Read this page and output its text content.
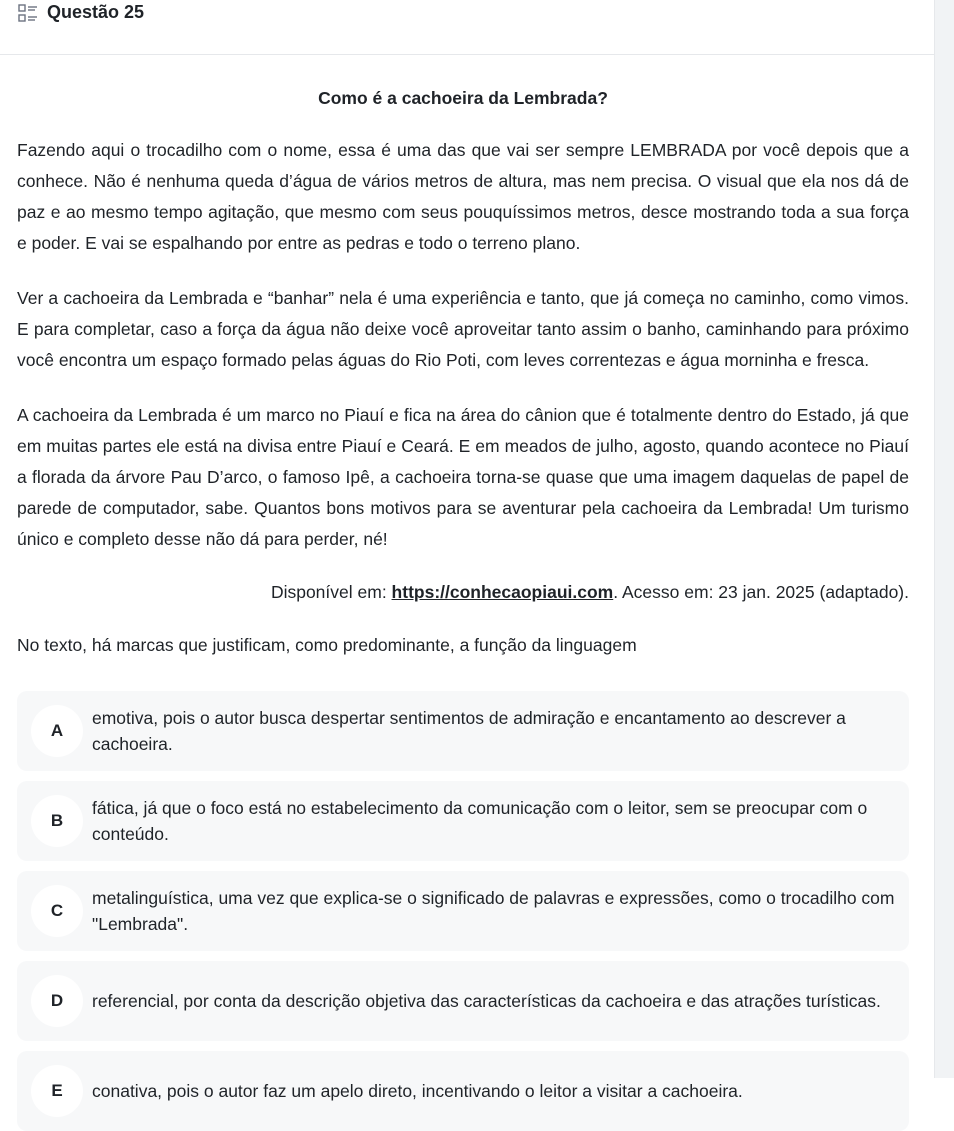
Questão 25
Como é a cachoeira da Lembrada?

Fazendo aqui o trocadilho com o nome, essa é uma das que vai ser sempre LEMBRADA por você depois que a conhece. Não é nenhuma queda d’água de vários metros de altura, mas nem precisa. O visual que ela nos dá de paz e ao mesmo tempo agitação, que mesmo com seus pouquíssimos metros, desce mostrando toda a sua força e poder. E vai se espalhando por entre as pedras e todo o terreno plano.

Ver a cachoeira da Lembrada e “banhar” nela é uma experiência e tanto, que já começa no caminho, como vimos. E para completar, caso a força da água não deixe você aproveitar tanto assim o banho, caminhando para próximo você encontra um espaço formado pelas águas do Rio Poti, com leves correntezas e água morninha e fresca.

A cachoeira da Lembrada é um marco no Piauí e fica na área do cânion que é totalmente dentro do Estado, já que em muitas partes ele está na divisa entre Piauí e Ceará. E em meados de julho, agosto, quando acontece no Piauí a florada da árvore Pau D’arco, o famoso Ipê, a cachoeira torna-se quase que uma imagem daquelas de papel de parede de computador, sabe. Quantos bons motivos para se aventurar pela cachoeira da Lembrada! Um turismo único e completo desse não dá para perder, né!

Disponível em: https://conhecaopiaui.com. Acesso em: 23 jan. 2025 (adaptado).
No texto, há marcas que justificam, como predominante, a função da linguagem
A
emotiva, pois o autor busca despertar sentimentos de admiração e encantamento ao descrever a cachoeira.
B
fática, já que o foco está no estabelecimento da comunicação com o leitor, sem se preocupar com o conteúdo.
C
metalinguística, uma vez que explica-se o significado de palavras e expressões, como o trocadilho com "Lembrada".
D	referencial, por conta da descrição objetiva das características da cachoeira e das atrações turísticas.
E	conativa, pois o autor faz um apelo direto, incentivando o leitor a visitar a cachoeira.
